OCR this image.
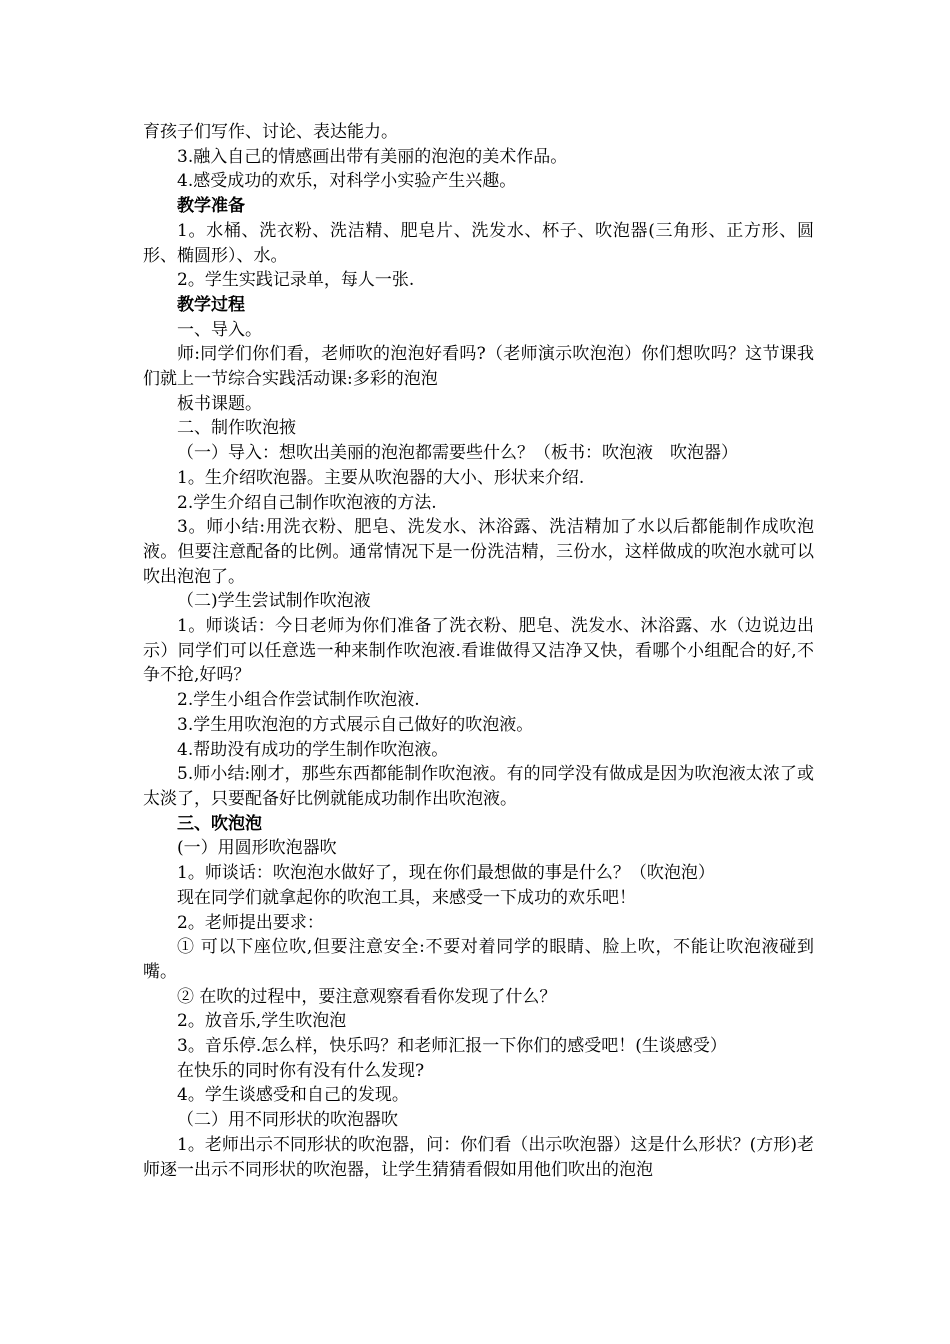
育孩子们写作、讨论、表达能力。

3.融入自己的情感画出带有美丽的泡泡的美术作品。

4.感受成功的欢乐，对科学小实验产生兴趣。

教学准备

1。水桶、洗衣粉、洗洁精、肥皂片、洗发水、杯子、吹泡器(三角形、正方形、圆形、椭圆形）、水。

2。学生实践记录单，每人一张.

教学过程

一、导入。

师:同学们你们看，老师吹的泡泡好看吗?（老师演示吹泡泡）你们想吹吗？这节课我们就上一节综合实践活动课:多彩的泡泡

板书课题。

二、制作吹泡掖

（一）导入：想吹出美丽的泡泡都需要些什么？（板书：吹泡液　吹泡器）

1。生介绍吹泡器。主要从吹泡器的大小、形状来介绍.

2.学生介绍自己制作吹泡液的方法.

3。师小结:用洗衣粉、肥皂、洗发水、沐浴露、洗洁精加了水以后都能制作成吹泡液。但要注意配备的比例。通常情况下是一份洗洁精，三份水，这样做成的吹泡水就可以吹出泡泡了。

（二)学生尝试制作吹泡液

1。师谈话：今日老师为你们准备了洗衣粉、肥皂、洗发水、沐浴露、水（边说边出示）同学们可以任意选一种来制作吹泡液.看谁做得又洁净又快，看哪个小组配合的好,不争不抢,好吗？

2.学生小组合作尝试制作吹泡液.

3.学生用吹泡泡的方式展示自己做好的吹泡液。

4.帮助没有成功的学生制作吹泡液。

5.师小结:刚才，那些东西都能制作吹泡液。有的同学没有做成是因为吹泡液太浓了或太淡了，只要配备好比例就能成功制作出吹泡液。

三、吹泡泡

(一）用圆形吹泡器吹

1。师谈话：吹泡泡水做好了，现在你们最想做的事是什么？（吹泡泡）

现在同学们就拿起你的吹泡工具，来感受一下成功的欢乐吧！

2。老师提出要求：

① 可以下座位吹,但要注意安全:不要对着同学的眼睛、脸上吹，不能让吹泡液碰到嘴。

② 在吹的过程中，要注意观察看看你发现了什么？

2。放音乐,学生吹泡泡

3。音乐停.怎么样，快乐吗？和老师汇报一下你们的感受吧！(生谈感受）

在快乐的同时你有没有什么发现?

4。学生谈感受和自己的发现。

（二）用不同形状的吹泡器吹

1。老师出示不同形状的吹泡器，问：你们看（出示吹泡器）这是什么形状？(方形)老师逐一出示不同形状的吹泡器，让学生猜猜看假如用他们吹出的泡泡
